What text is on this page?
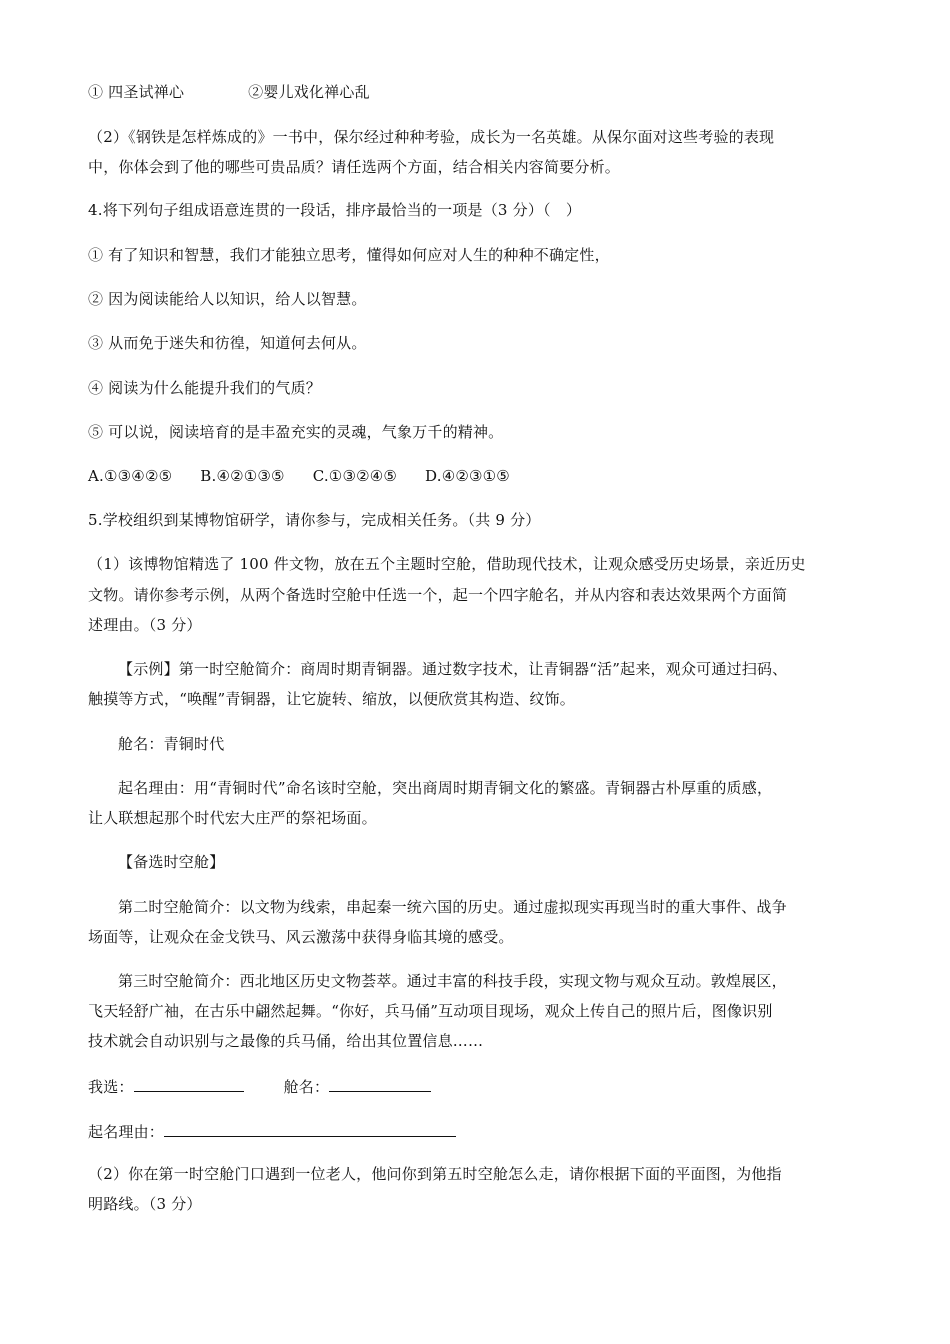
① 四圣试禅心	②婴儿戏化禅心乱
（2）《钢铁是怎样炼成的》一书中，保尔经过种种考验，成长为一名英雄。从保尔面对这些考验的表现
中，你体会到了他的哪些可贵品质？请任选两个方面，结合相关内容简要分析。
4.将下列句子组成语意连贯的一段话，排序最恰当的一项是（3 分）（　）
① 有了知识和智慧，我们才能独立思考，懂得如何应对人生的种种不确定性，
② 因为阅读能给人以知识，给人以智慧。
③ 从而免于迷失和彷徨，知道何去何从。
④ 阅读为什么能提升我们的气质？
⑤ 可以说，阅读培育的是丰盈充实的灵魂，气象万千的精神。
A.①③④②⑤ B.④②①③⑤ C.①③②④⑤ D.④②③①⑤
5.学校组织到某博物馆研学，请你参与，完成相关任务。（共 9 分）
（1）该博物馆精选了 100 件文物，放在五个主题时空舱，借助现代技术，让观众感受历史场景，亲近历史
文物。请你参考示例，从两个备选时空舱中任选一个，起一个四字舱名，并从内容和表达效果两个方面简
述理由。（3 分）
【示例】第一时空舱简介：商周时期青铜器。通过数字技术，让青铜器“活”起来，观众可通过扫码、
触摸等方式，“唤醒”青铜器，让它旋转、缩放，以便欣赏其构造、纹饰。
舱名：青铜时代
起名理由：用“青铜时代”命名该时空舱，突出商周时期青铜文化的繁盛。青铜器古朴厚重的质感，
让人联想起那个时代宏大庄严的祭祀场面。
【备选时空舱】
第二时空舱简介：以文物为线索，串起秦一统六国的历史。通过虚拟现实再现当时的重大事件、战争
场面等，让观众在金戈铁马、风云激荡中获得身临其境的感受。
第三时空舱简介：西北地区历史文物荟萃。通过丰富的科技手段，实现文物与观众互动。敦煌展区，
飞天轻舒广袖，在古乐中翩然起舞。“你好，兵马俑”互动项目现场，观众上传自己的照片后，图像识别
技术就会自动识别与之最像的兵马俑，给出其位置信息……
我选：	舱名：
起名理由：
（2）你在第一时空舱门口遇到一位老人，他问你到第五时空舱怎么走，请你根据下面的平面图，为他指
明路线。（3 分）
